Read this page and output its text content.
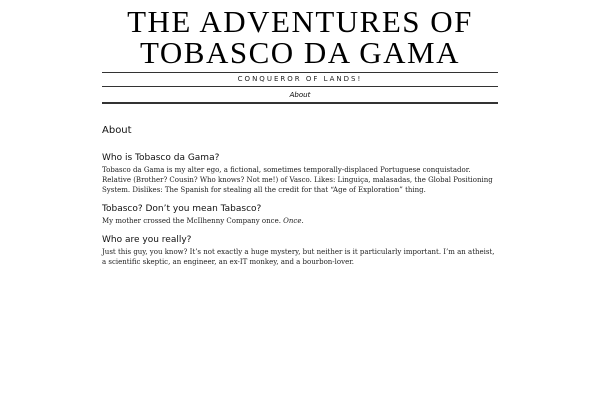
THE ADVENTURES OF
TOBASCO DA GAMA
CONQUEROR OF LANDS!
About
About
Who is Tobasco da Gama?

Tobasco da Gama is my alter ego, a fictional, sometimes temporally-displaced Portuguese conquistador. Relative (Brother? Cousin? Who knows? Not me!) of Vasco. Likes: Linguiça, malasadas, the Global Positioning System. Dislikes: The Spanish for stealing all the credit for that “Age of Exploration” thing.

Tobasco? Don’t you mean Tabasco?

My mother crossed the McIlhenny Company once. Once.

Who are you really?

Just this guy, you know? It’s not exactly a huge mystery, but neither is it particularly important. I’m an atheist, a scientific skeptic, an engineer, an ex-IT monkey, and a bourbon-lover.
